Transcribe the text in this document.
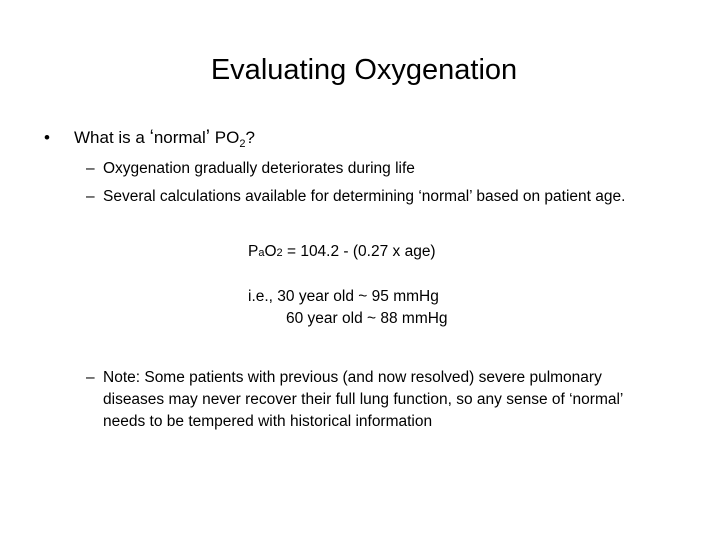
Evaluating Oxygenation
• What is a ‘normal’ $PO_2$?
– Oxygenation gradually deteriorates during life
– Several calculations available for determining ‘normal’ based on patient age.
PaO2 = 104.2 - (0.27 x age)
i.e., 30 year old ~ 95 mmHg
60 year old ~ 88 mmHg
– Note: Some patients with previous (and now resolved) severe pulmonary diseases may never recover their full lung function, so any sense of ‘normal’ needs to be tempered with historical information
